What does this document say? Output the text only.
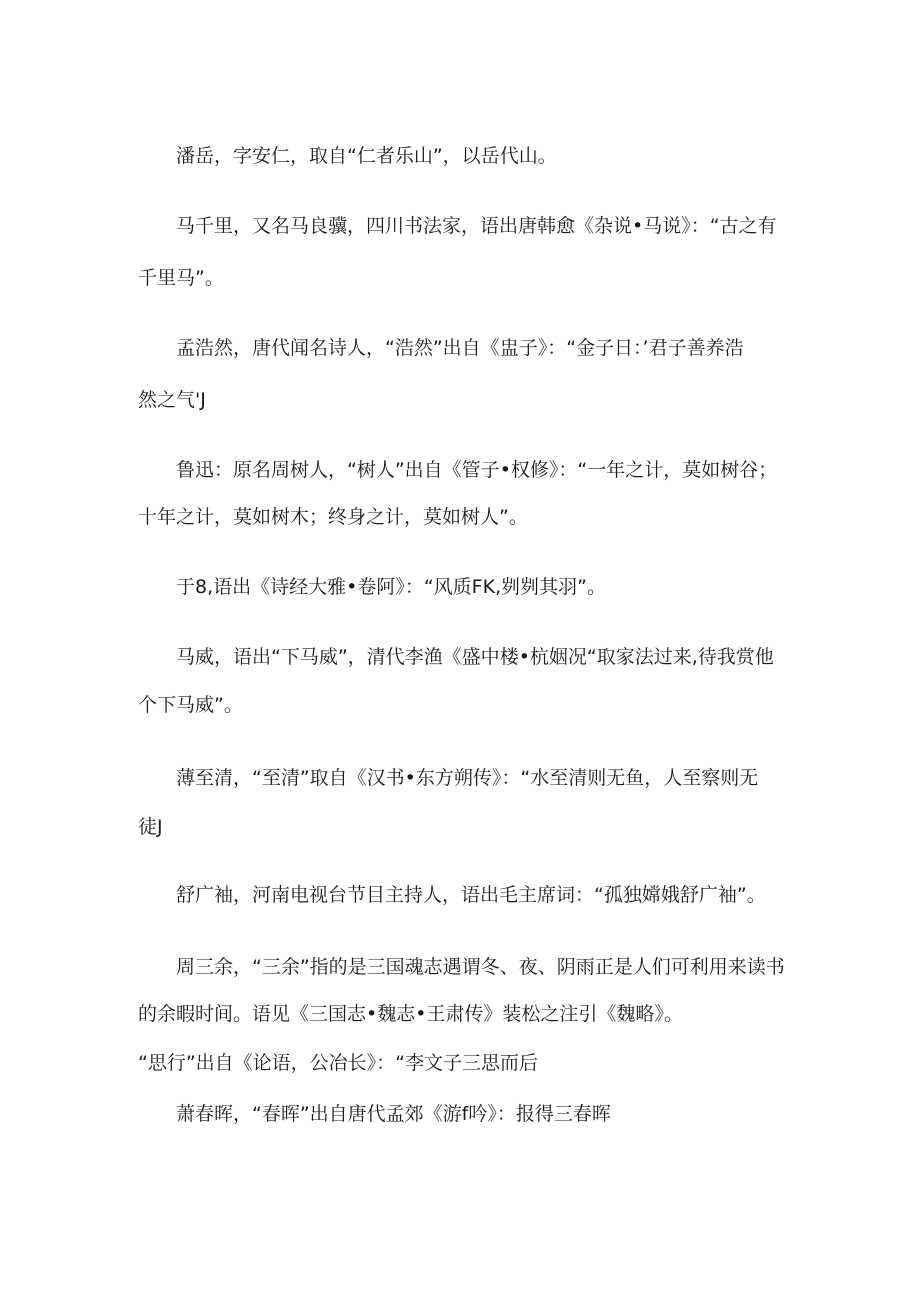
潘岳，字安仁，取自“仁者乐山”，以岳代山。

马千里，又名马良骥，四川书法家，语出唐韩愈《杂说•马说》：“古之有

千里马”。

孟浩然，唐代闻名诗人，“浩然”出自《盅子》：“金子日：’君子善养浩

然之气'J

鲁迅：原名周树人，“树人”出自《管子•权修》：“一年之计，莫如树谷；

十年之计，莫如树木；终身之计，莫如树人”。

于8,语出《诗经大雅•卷阿》：“风质FK,刿刿其羽”。

马威，语出“下马威”，清代李渔《盛中楼•杭姻况“取家法过来,待我赏他

个下马威”。

薄至清，“至清”取自《汉书•东方朔传》：“水至清则无鱼，人至察则无

徒J

舒广袖，河南电视台节目主持人，语出毛主席词：“孤独嫦娥舒广袖”。

周三余，“三余”指的是三国魂志遇谓冬、夜、阴雨正是人们可利用来读书

的余暇时间。语见《三国志•魏志•王肃传》装松之注引《魏略》。

“思行”出自《论语，公冶长》：“李文子三思而后

萧春晖，“春晖”出自唐代孟郊《游f吟》：报得三春晖
